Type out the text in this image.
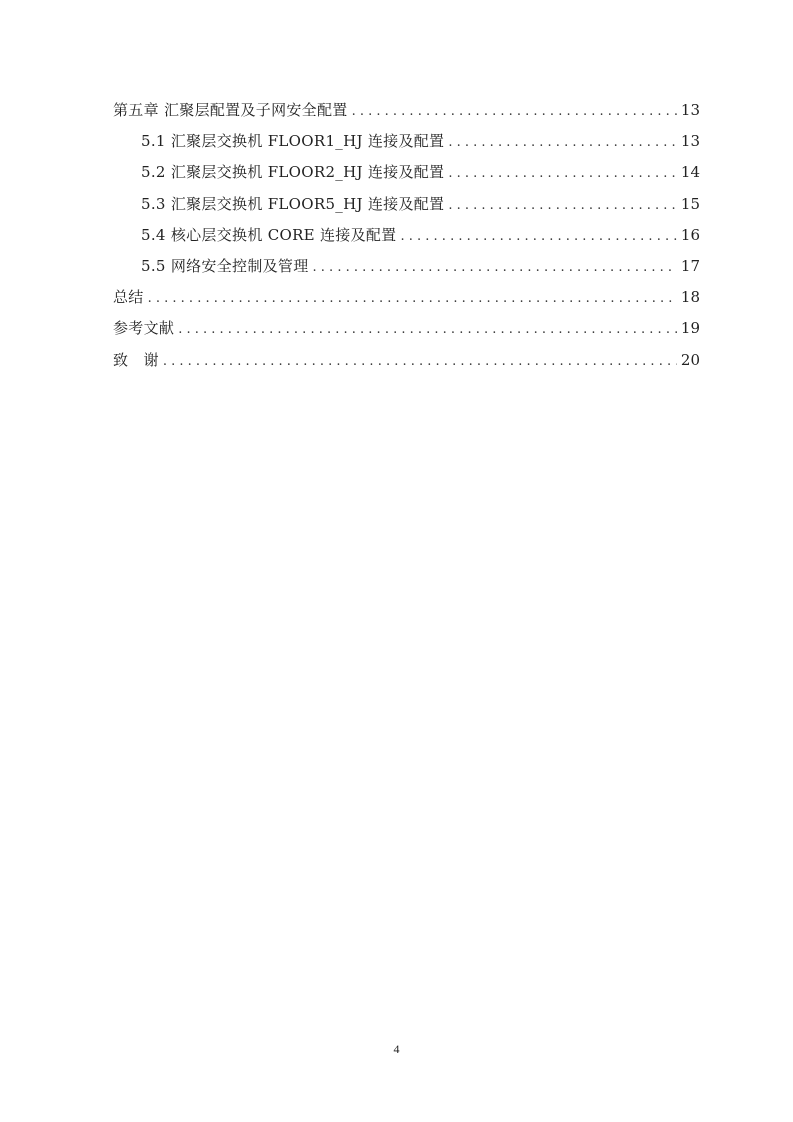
第五章 汇聚层配置及子网安全配置 . . .	13
5.1 汇聚层交换机 FLOOR1_HJ 连接及配置 . . .	13
5.2 汇聚层交换机 FLOOR2_HJ 连接及配置 . . .	14
5.3 汇聚层交换机 FLOOR5_HJ 连接及配置 . . .	15
5.4 核心层交换机 CORE 连接及配置 . . .	16
5.5 网络安全控制及管理 . . .	17
总结 . . .	18
参考文献 . . .	19
致   谢 . . .	20
4
